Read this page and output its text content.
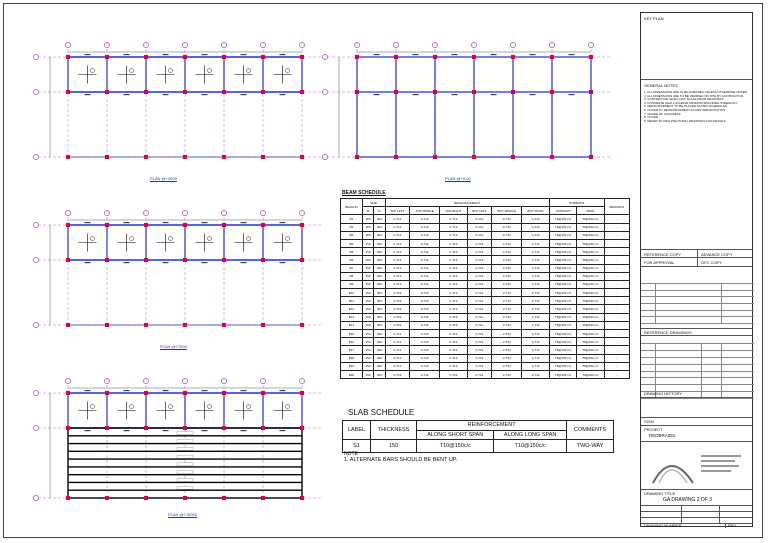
PLAN @+3000	PLAN @+0.00
PLAN @+7000
PLAN @+10000
BEAM SCHEDULE
BEAM ID	SIZE		REINFORCEMENT						STIRRUPS		REMARKS
	B	D	TOP LEFT	TOP MIDDLE	TOP RIGHT	BOT LEFT	BOT MIDDLE	BOT RIGHT	SUPPORT	SPAN	
B1	150	300	2-T12	2-T12	2-T12	2-T12	2-T12	2-T12	T8@150 c/c	T8@200 c/c	-
B2	150	300	2-T12	2-T12	2-T12	2-T12	2-T12	2-T12	T8@150 c/c	T8@200 c/c	-
B3	150	300	2-T12	2-T12	2-T12	2-T12	2-T12	2-T12	T8@150 c/c	T8@200 c/c	-
B4	150	300	2-T12	2-T12	2-T12	2-T12	2-T12	2-T12	T8@150 c/c	T8@200 c/c	-
B5	150	300	2-T12	2-T12	2-T12	2-T12	2-T12	2-T12	T8@150 c/c	T8@200 c/c	-
B6	150	300	2-T12	2-T12	2-T12	2-T12	2-T12	2-T12	T8@150 c/c	T8@200 c/c	-
B7	150	300	2-T12	2-T12	2-T12	2-T12	2-T12	2-T12	T8@150 c/c	T8@200 c/c	-
B8	150	300	2-T12	2-T12	2-T12	2-T12	2-T12	2-T12	T8@150 c/c	T8@200 c/c	-
B9	150	300	2-T12	2-T12	2-T12	2-T12	2-T12	2-T12	T8@150 c/c	T8@200 c/c	-
B10	150	300	2-T12	2-T12	2-T12	2-T12	2-T12	2-T12	T8@150 c/c	T8@200 c/c	-
B11	150	300	2-T12	2-T12	2-T12	2-T12	2-T12	2-T12	T8@150 c/c	T8@200 c/c	-
B12	150	300	2-T12	2-T12	2-T12	2-T12	2-T12	2-T12	T8@150 c/c	T8@200 c/c	-
B13	150	300	2-T12	2-T12	2-T12	2-T12	2-T12	2-T12	T8@150 c/c	T8@200 c/c	-
B14	150	300	2-T12	2-T12	2-T12	2-T12	2-T12	2-T12	T8@150 c/c	T8@200 c/c	-
B15	150	300	2-T12	2-T12	2-T12	2-T12	2-T12	2-T12	T8@150 c/c	T8@200 c/c	-
B16	150	300	2-T12	2-T12	2-T12	2-T12	2-T12	2-T12	T8@150 c/c	T8@200 c/c	-
B17	150	300	2-T12	2-T12	2-T12	2-T12	2-T12	2-T12	T8@150 c/c	T8@200 c/c	-
B18	150	300	2-T12	2-T12	2-T12	2-T12	2-T12	2-T12	T8@150 c/c	T8@200 c/c	-
B19	150	300	2-T12	2-T12	2-T12	2-T12	2-T12	2-T12	T8@150 c/c	T8@200 c/c	-
B20	150	300	2-T12	2-T12	2-T12	2-T12	2-T12	2-T12	T8@150 c/c	T8@200 c/c	-
SLAB SCHEDULE
LABEL	THICKNESS	REINFORCEMENT		COMMENTS
		ALONG SHORT SPAN	ALONG LONG SPAN	
S1	150	T10@150c/c	T10@150c/c	TWO-WAY
NOTE
1. ALTERNATE BARS SHOULD BE BENT UP.
KEY PLAN
GENERAL NOTES
1. ALL DIMENSIONS ARE IN MILLIMETRES UNLESS OTHERWISE NOTED.
2. ALL DIMENSIONS ARE TO BE VERIFIED ON SITE BY CONTRACTOR.
3. CONTRACTOR SHALL NOT SCALE FROM DRAWINGS.
4. CONCRETE SHALL ACHIEVE MINIMUM SPECIFIED STRENGTH.
5. REINFORCEMENT TO BE PLACED AS PER SCHEDULES.
6. COVER TO REINFORCEMENT AS PER SPECIFICATION.
7. GRADE OF CONCRETE
8. COVER
9. REFER TO ARCHITECTURAL DRAWINGS FOR DETAILS.
REFERENCE COPY	ADVANCE COPY
FOR APPROVAL	GFC COPY
REFERENCE DRAWINGS
DRAWING HISTORY
SIGN
PROJECT
REDBRAIDS
DRAWING TITLE
GA DRAWING 2 OF 3
DRAWING NUMBER	REV
